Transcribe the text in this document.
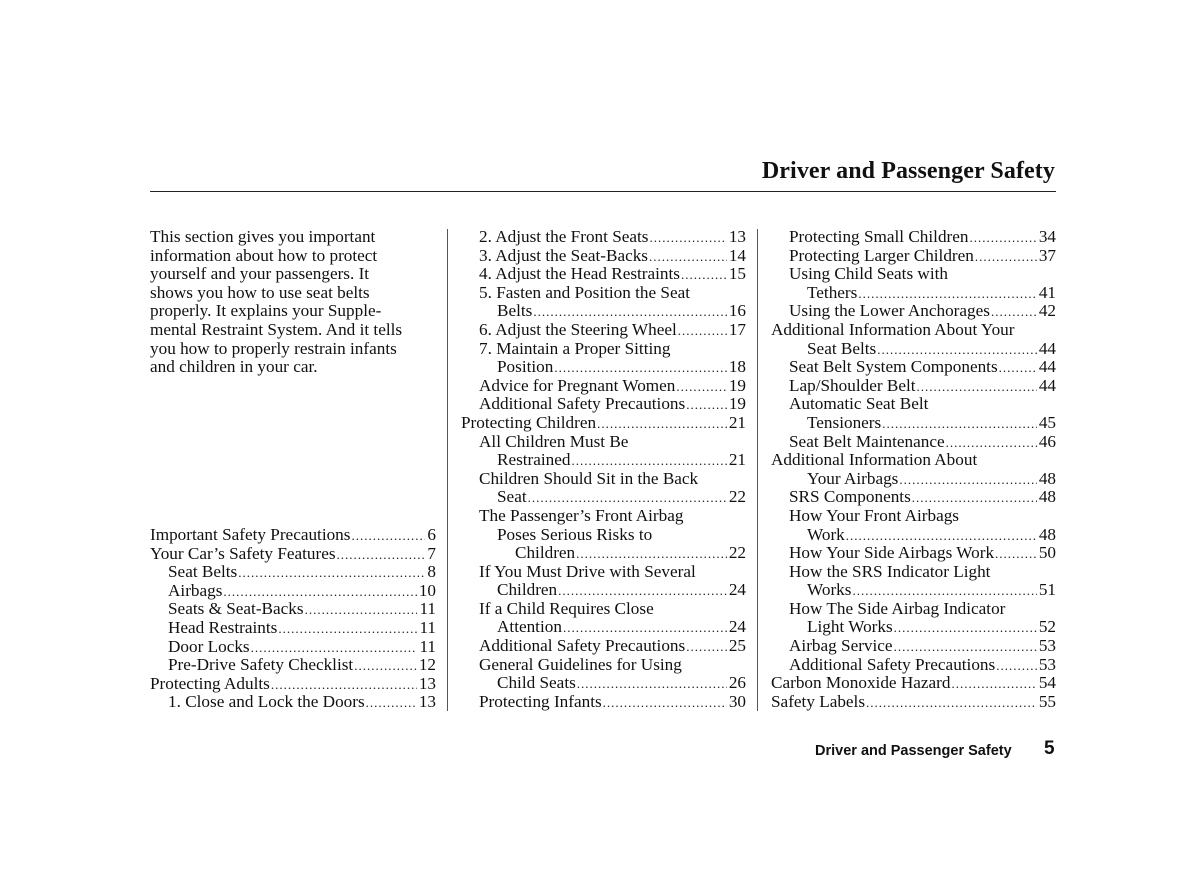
Driver and Passenger Safety

This section gives you important
information about how to protect
yourself and your passengers. It
shows you how to use seat belts
properly. It explains your Supple-
mental Restraint System. And it tells
you how to properly restrain infants
and children in your car.

Important Safety Precautions .....	6
Your Car’s Safety Features .....	7
Seat Belts .....	8
Airbags .....	10
Seats & Seat-Backs .....	11
Head Restraints .....	11
Door Locks .....	11
Pre-Drive Safety Checklist .....	12
Protecting Adults .....	13
1. Close and Lock the Doors .....	13
2. Adjust the Front Seats .....	13
3. Adjust the Seat-Backs .....	14
4. Adjust the Head Restraints .....	15
5. Fasten and Position the Seat
Belts .....	16
6. Adjust the Steering Wheel .....	17
7. Maintain a Proper Sitting
Position .....	18
Advice for Pregnant Women .....	19
Additional Safety Precautions .....	19
Protecting Children .....	21
All Children Must Be
Restrained .....	21
Children Should Sit in the Back
Seat .....	22
The Passenger’s Front Airbag
Poses Serious Risks to
Children .....	22
If You Must Drive with Several
Children .....	24
If a Child Requires Close
Attention .....	24
Additional Safety Precautions .....	25
General Guidelines for Using
Child Seats .....	26
Protecting Infants .....	30
Protecting Small Children .....	34
Protecting Larger Children .....	37
Using Child Seats with
Tethers .....	41
Using the Lower Anchorages .....	42
Additional Information About Your
Seat Belts .....	44
Seat Belt System Components ..... 44
Lap/Shoulder Belt .....	44
Automatic Seat Belt
Tensioners .....	45
Seat Belt Maintenance .....	46
Additional Information About
Your Airbags .....	48
SRS Components .....	48
How Your Front Airbags
Work .....	48
How Your Side Airbags Work .....	50
How the SRS Indicator Light
Works .....	51
How The Side Airbag Indicator
Light Works .....	52
Airbag Service .....	53
Additional Safety Precautions .....	53
Carbon Monoxide Hazard .....	54
Safety Labels .....	55
Driver and Passenger Safety 5
